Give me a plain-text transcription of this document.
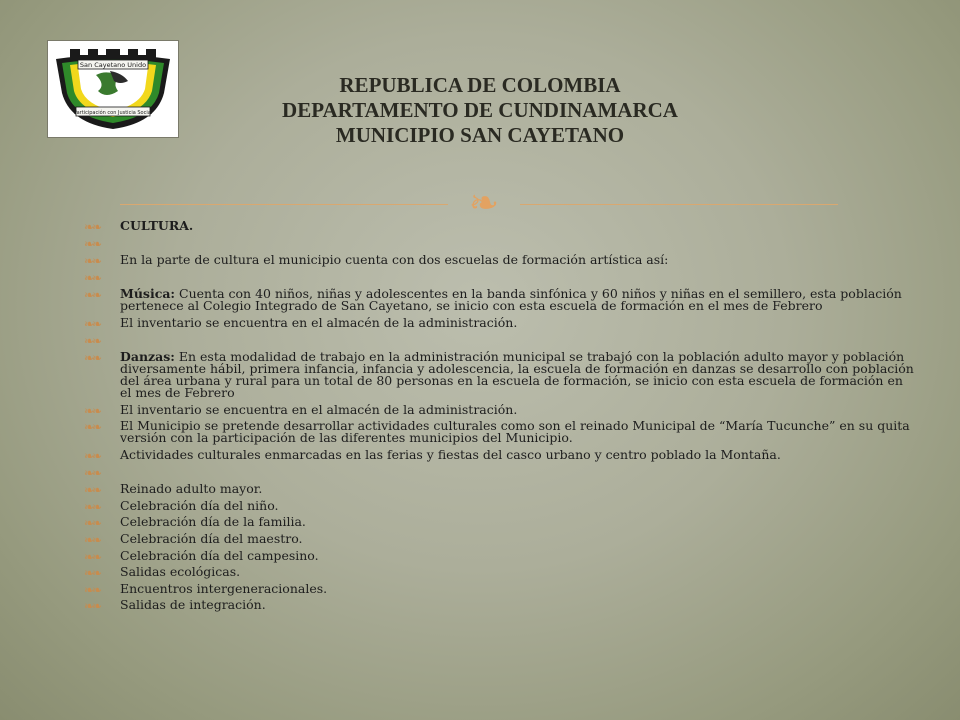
San Cayetano Unido
Participación con Justicia Social
REPUBLICA DE COLOMBIA
DEPARTAMENTO DE CUNDINAMARCA
MUNICIPIO SAN CAYETANO
❧
❧❧	CULTURA.
❧❧
❧❧	En la parte de cultura el municipio cuenta con dos escuelas de formación artística así:
❧❧
❧❧	Música: Cuenta con 40 niños, niñas y adolescentes en la banda sinfónica y 60 niños y niñas en el semillero, esta población pertenece al Colegio Integrado de San Cayetano, se inicio con esta escuela de formación en el mes de Febrero
❧❧	El inventario se encuentra en el almacén de la administración.
❧❧
❧❧	Danzas: En esta modalidad de trabajo en la administración municipal se trabajó con la población adulto mayor y población diversamente hábil, primera infancia, infancia y adolescencia, la escuela de formación en danzas se desarrollo con población del área urbana y rural para un total de 80 personas en la escuela de formación, se inicio con esta escuela de formación en el mes de Febrero
❧❧	El inventario se encuentra en el almacén de la administración.
❧❧	El Municipio se pretende desarrollar actividades culturales como son el reinado Municipal de “María Tucunche” en su quita versión con la participación de las diferentes municipios del Municipio.
❧❧	Actividades culturales enmarcadas en las ferias y fiestas del casco urbano y centro poblado la Montaña.
❧❧
❧❧	Reinado adulto mayor.
❧❧	Celebración día del niño.
❧❧	Celebración día de la familia.
❧❧	Celebración día del maestro.
❧❧	Celebración día del campesino.
❧❧	Salidas ecológicas.
❧❧	Encuentros intergeneracionales.
❧❧	Salidas de integración.
